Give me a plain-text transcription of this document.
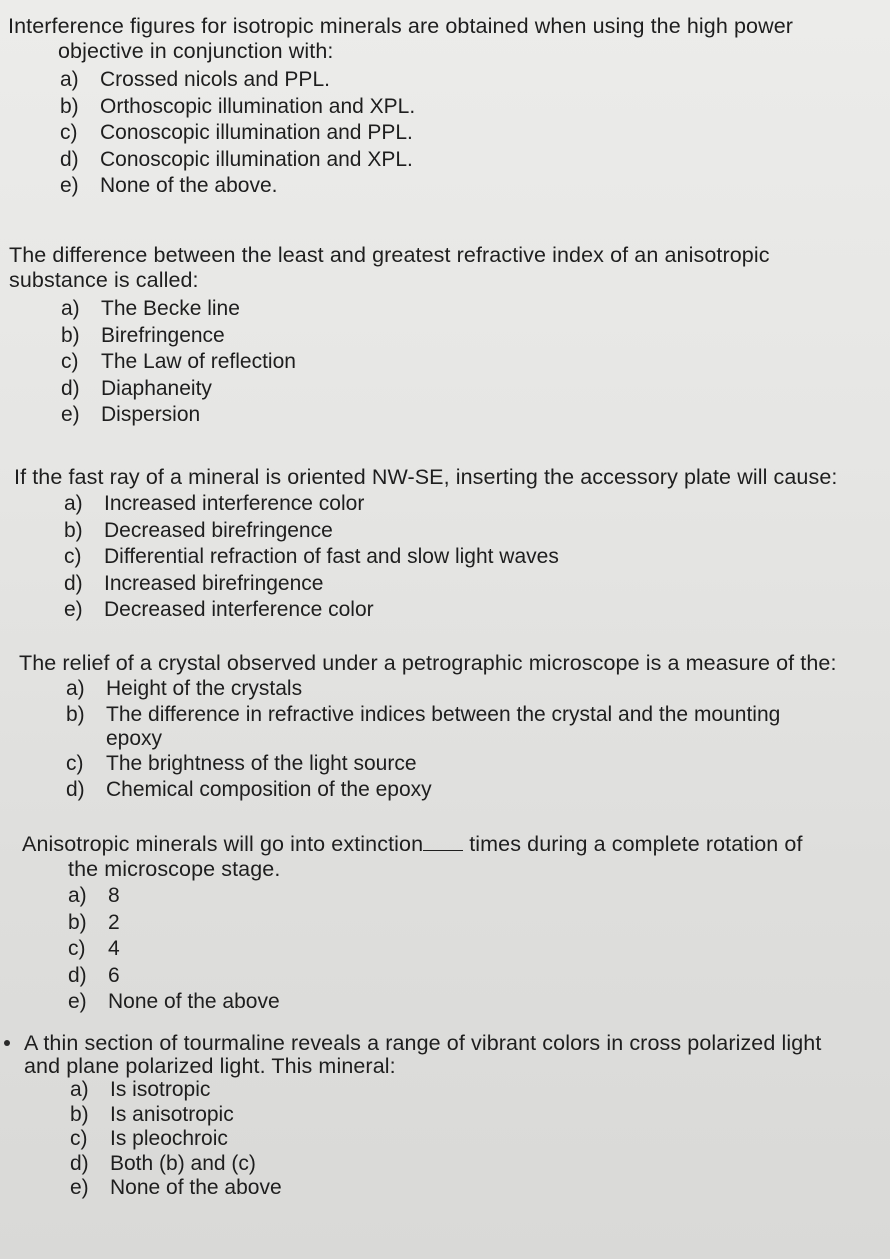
Interference figures for isotropic minerals are obtained when using the high power
objective in conjunction with:

a)	Crossed nicols and PPL.
b)	Orthoscopic illumination and XPL.
c)	Conoscopic illumination and PPL.
d)	Conoscopic illumination and XPL.
e)	None of the above.

The difference between the least and greatest refractive index of an anisotropic
substance is called:

a)	The Becke line
b)	Birefringence
c)	The Law of reflection
d)	Diaphaneity
e)	Dispersion

If the fast ray of a mineral is oriented NW-SE, inserting the accessory plate will cause:

a)	Increased interference color
b)	Decreased birefringence
c)	Differential refraction of fast and slow light waves
d)	Increased birefringence
e)	Decreased interference color

The relief of a crystal observed under a petrographic microscope is a measure of the:

a)	Height of the crystals
b)	The difference in refractive indices between the crystal and the mounting
epoxy
c)	The brightness of the light source
d)	Chemical composition of the epoxy

Anisotropic minerals will go into extinction times during a complete rotation of
the microscope stage.

a)	8
b)	2
c)	4
d)	6
e)	None of the above

A thin section of tourmaline reveals a range of vibrant colors in cross polarized light
and plane polarized light. This mineral:

a)	Is isotropic
b)	Is anisotropic
c)	Is pleochroic
d)	Both (b) and (c)
e)	None of the above
